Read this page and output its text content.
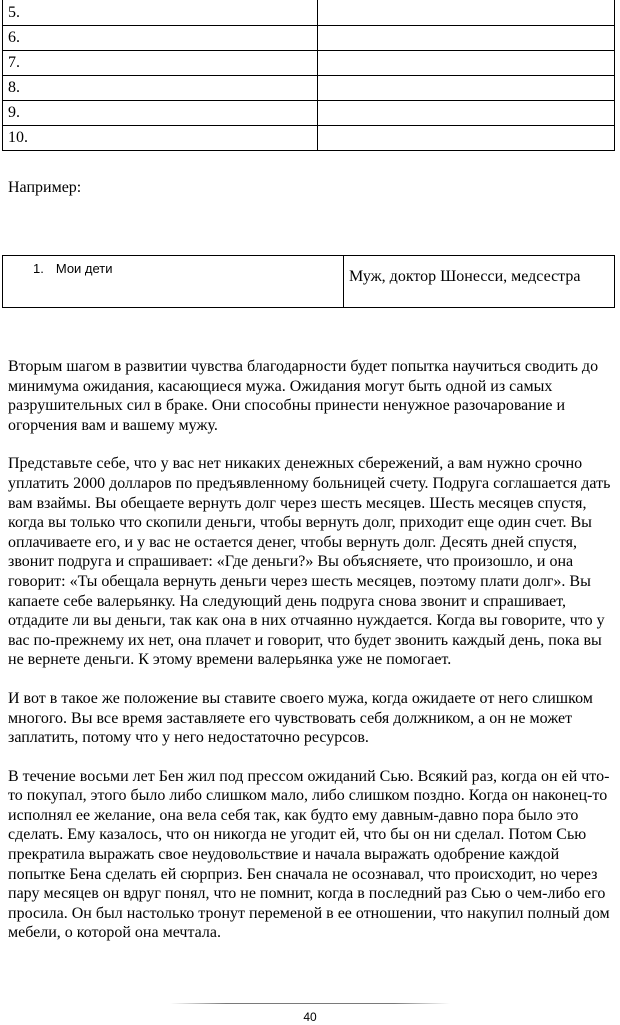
5.	
6.	
7.	
8.	
9.	
10.	
Например:
1. Мои дети	Муж, доктор Шонесси, медсестра

Вторым шагом в развитии чувства благодарности будет попытка научиться сводить до минимума ожидания, касающиеся мужа. Ожидания могут быть одной из самых разрушительных сил в браке. Они способны принести ненужное разочарование и огорчения вам и вашему мужу.

Представьте себе, что у вас нет никаких денежных сбережений, а вам нужно срочно уплатить 2000 долларов по предъявленному больницей счету. Подруга соглашается дать вам взаймы. Вы обещаете вернуть долг через шесть месяцев. Шесть месяцев спустя, когда вы только что скопили деньги, чтобы вернуть долг, приходит еще один счет. Вы оплачиваете его, и у вас не остается денег, чтобы вернуть долг. Десять дней спустя, звонит подруга и спрашивает: «Где деньги?» Вы объясняете, что произошло, и она говорит: «Ты обещала вернуть деньги через шесть месяцев, поэтому плати долг». Вы капаете себе валерьянку. На следующий день подруга снова звонит и спрашивает, отдадите ли вы деньги, так как она в них отчаянно нуждается. Когда вы говорите, что у вас по-прежнему их нет, она плачет и говорит, что будет звонить каждый день, пока вы не вернете деньги. К этому времени валерьянка уже не помогает.

И вот в такое же положение вы ставите своего мужа, когда ожидаете от него слишком многого. Вы все время заставляете его чувствовать себя должником, а он не может заплатить, потому что у него недостаточно ресурсов.

В течение восьми лет Бен жил под прессом ожиданий Сью. Всякий раз, когда он ей что-то покупал, этого было либо слишком мало, либо слишком поздно. Когда он наконец-то исполнял ее желание, она вела себя так, как будто ему давным-давно пора было это сделать. Ему казалось, что он никогда не угодит ей, что бы он ни сделал. Потом Сью прекратила выражать свое неудовольствие и начала выражать одобрение каждой попытке Бена сделать ей сюрприз. Бен сначала не осознавал, что происходит, но через пару месяцев он вдруг понял, что не помнит, когда в последний раз Сью о чем-либо его просила. Он был настолько тронут переменой в ее отношении, что накупил полный дом мебели, о которой она мечтала.

40
